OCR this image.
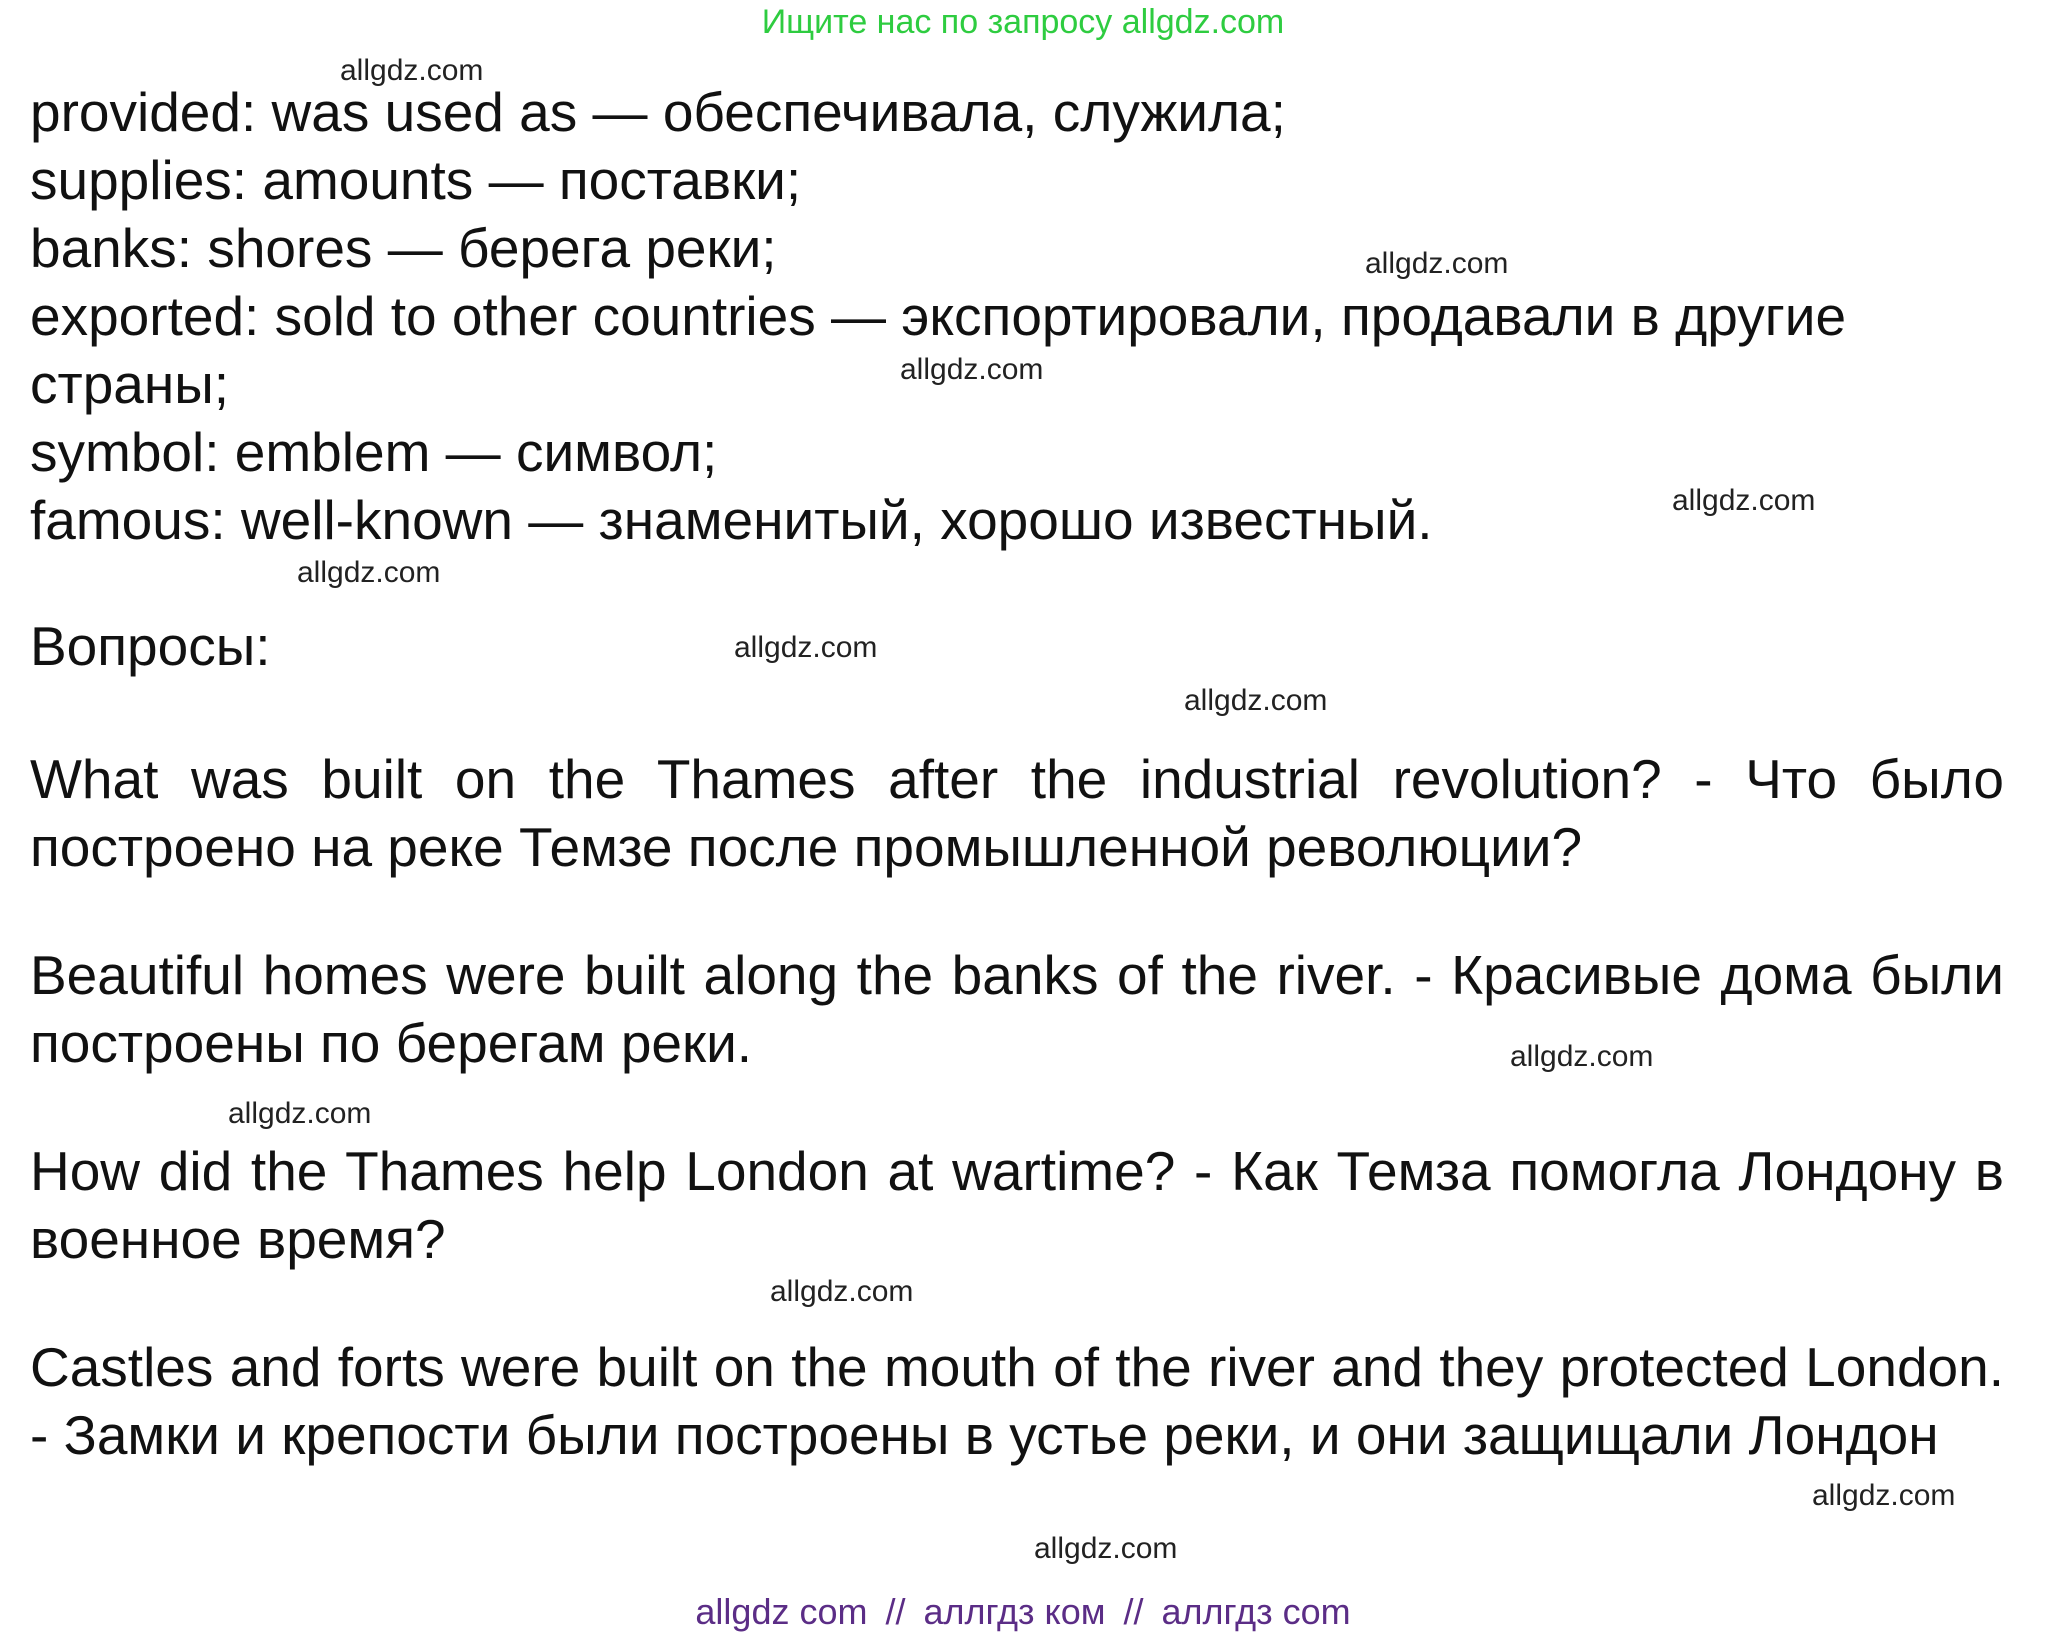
Ищите нас по запросу allgdz.com

provided: was used as — обеспечивала, служила;

supplies: amounts — поставки;

banks: shores — берега реки;

exported: sold to other countries — экспортировали, продавали в другие

страны;

symbol: emblem — символ;

famous: well-known — знаменитый, хорошо известный.

Вопросы:

What was built on the Thames after the industrial revolution? - Что было построено на реке Темзе после промышленной революции?

Beautiful homes were built along the banks of the river. - Красивые дома были построены по берегам реки.

How did the Thames help London at wartime? - Как Темза помогла Лондону в военное время?

Castles and forts were built on the mouth of the river and they protected London. - Замки и крепости были построены в устье реки, и они защищали Лондон

allgdz.com
allgdz.com
allgdz.com
allgdz.com
allgdz.com
allgdz.com
allgdz.com
allgdz.com
allgdz.com
allgdz.com
allgdz.com
allgdz.com
allgdz com // аллгдз ком // аллгдз com
